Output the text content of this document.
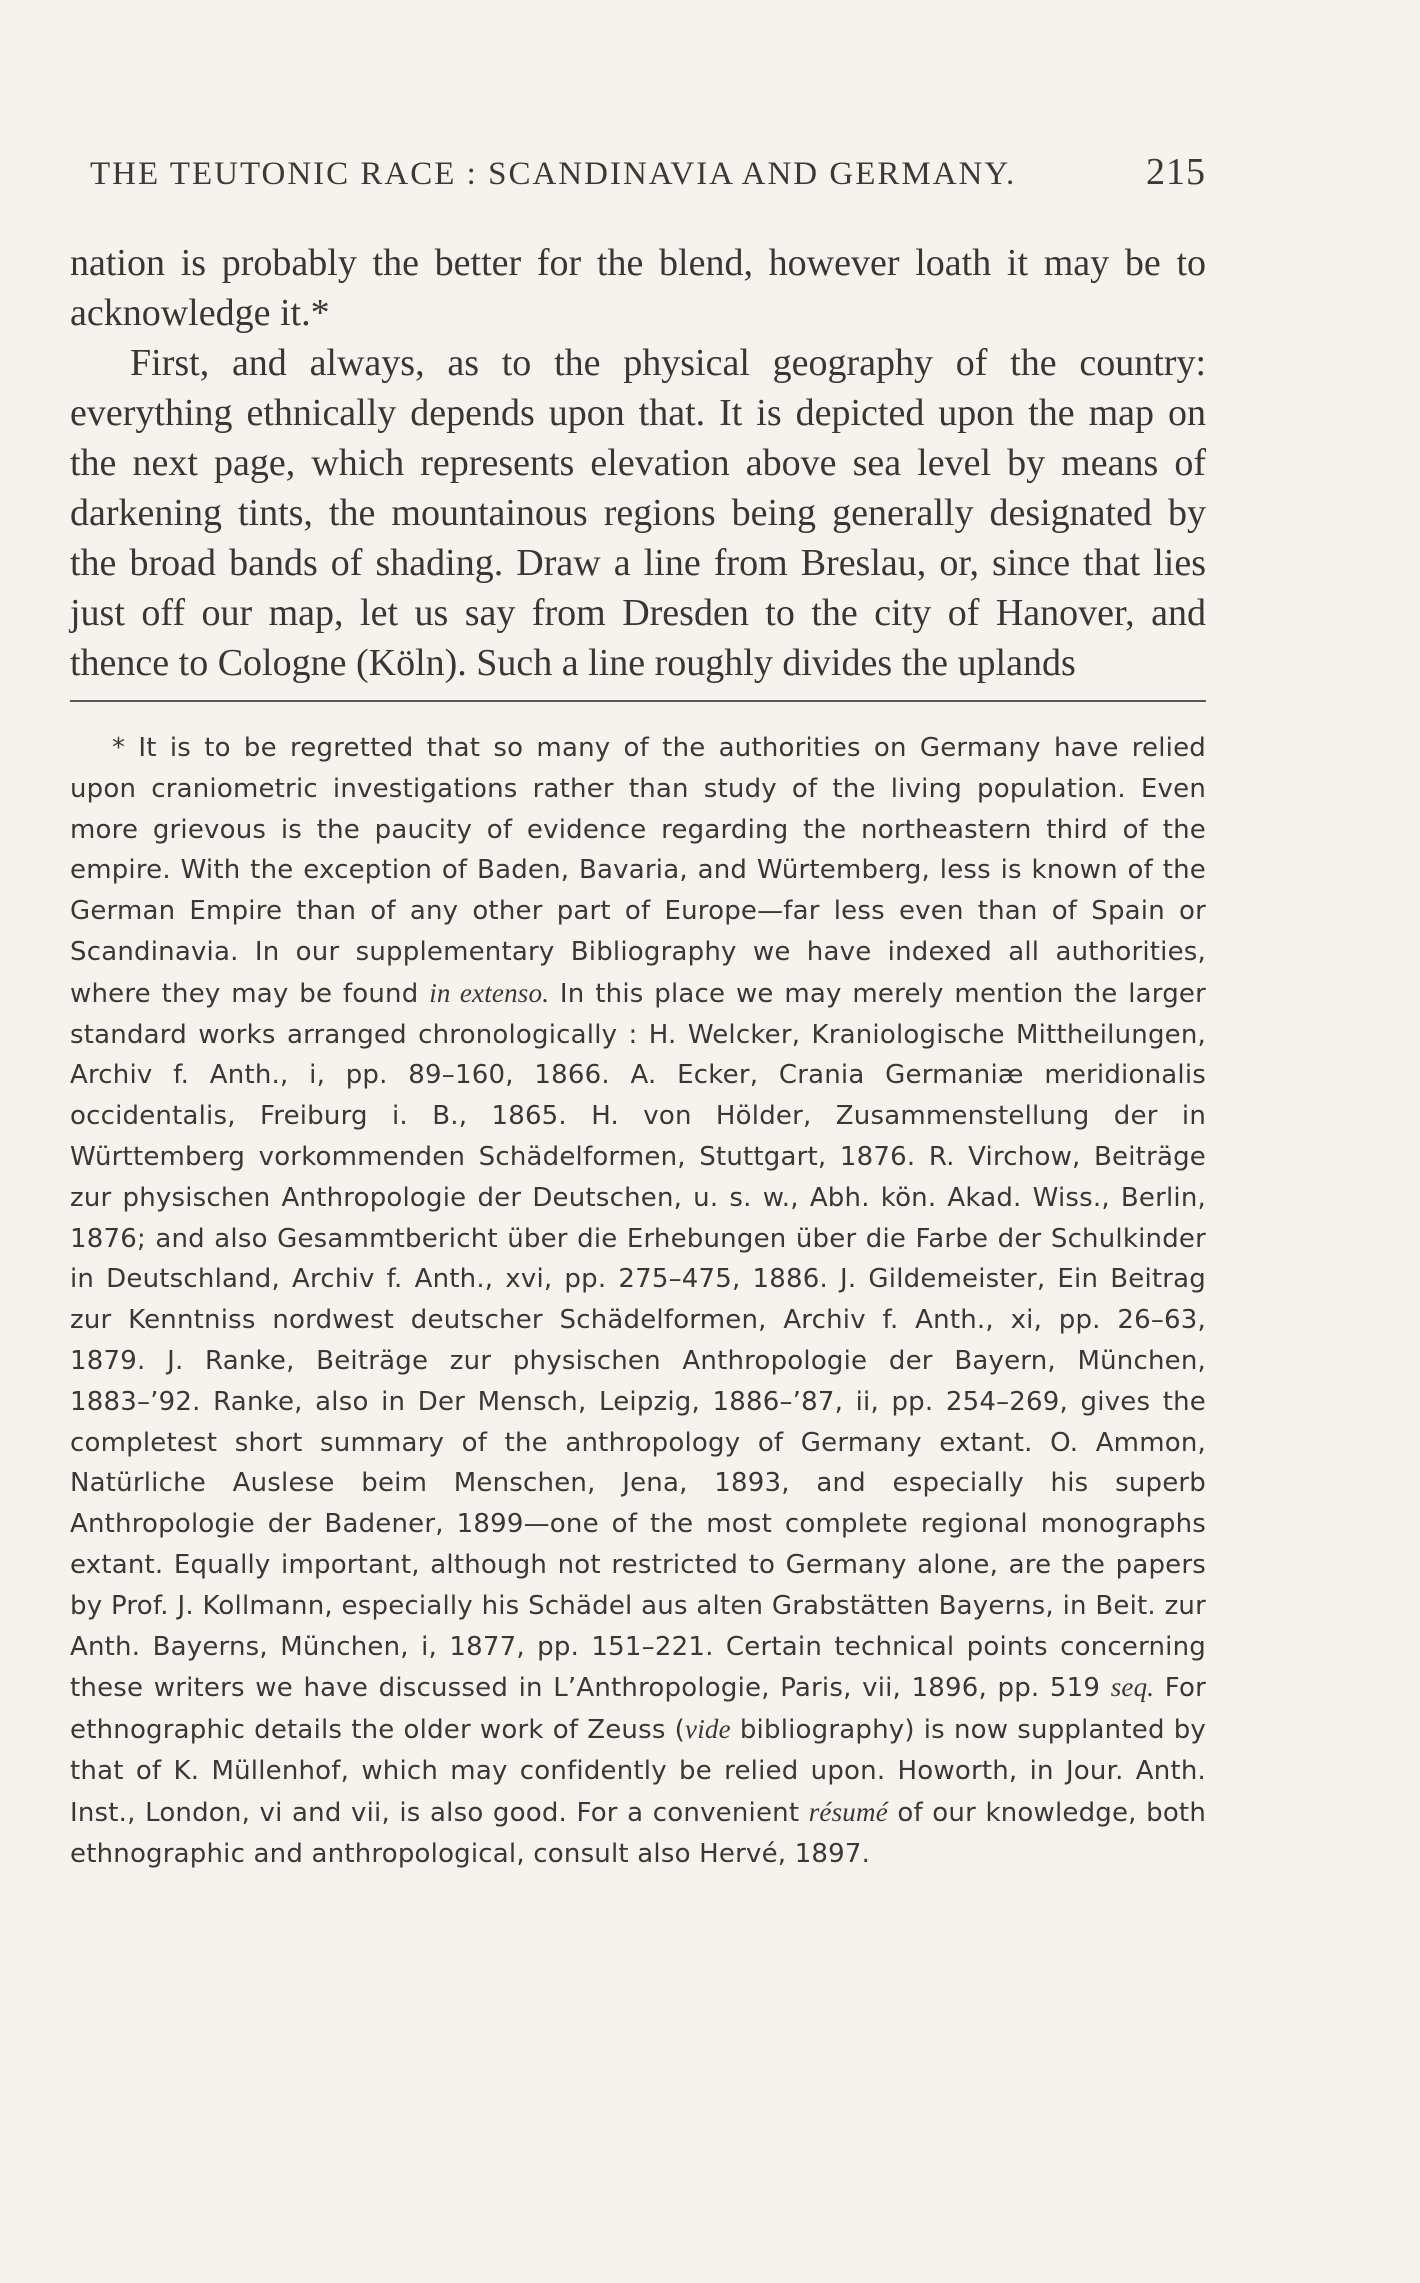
THE TEUTONIC RACE : SCANDINAVIA AND GERMANY.	215

nation is probably the better for the blend, however loath it may be to acknowledge it.*

First, and always, as to the physical geography of the country: everything ethnically depends upon that. It is depicted upon the map on the next page, which represents elevation above sea level by means of darkening tints, the mountainous regions being generally designated by the broad bands of shading. Draw a line from Breslau, or, since that lies just off our map, let us say from Dresden to the city of Hanover, and thence to Cologne (Köln). Such a line roughly divides the uplands

* It is to be regretted that so many of the authorities on Germany have relied upon craniometric investigations rather than study of the living population. Even more grievous is the paucity of evidence regarding the northeastern third of the empire. With the exception of Baden, Bavaria, and Würtemberg, less is known of the German Empire than of any other part of Europe—far less even than of Spain or Scandinavia. In our supplementary Bibliography we have indexed all authorities, where they may be found in extenso. In this place we may merely mention the larger standard works arranged chronologically : H. Welcker, Kraniologische Mittheilungen, Archiv f. Anth., i, pp. 89–160, 1866. A. Ecker, Crania Germaniæ meridionalis occidentalis, Freiburg i. B., 1865. H. von Hölder, Zusammenstellung der in Württemberg vorkommenden Schädelformen, Stuttgart, 1876. R. Virchow, Beiträge zur physischen Anthropologie der Deutschen, u. s. w., Abh. kön. Akad. Wiss., Berlin, 1876; and also Gesammtbericht über die Erhebungen über die Farbe der Schulkinder in Deutschland, Archiv f. Anth., xvi, pp. 275–475, 1886. J. Gildemeister, Ein Beitrag zur Kenntniss nordwest deutscher Schädelformen, Archiv f. Anth., xi, pp. 26–63, 1879. J. Ranke, Beiträge zur physischen Anthropologie der Bayern, München, 1883–’92. Ranke, also in Der Mensch, Leipzig, 1886–’87, ii, pp. 254–269, gives the completest short summary of the anthropology of Germany extant. O. Ammon, Natürliche Auslese beim Menschen, Jena, 1893, and especially his superb Anthropologie der Badener, 1899—one of the most complete regional monographs extant. Equally important, although not restricted to Germany alone, are the papers by Prof. J. Kollmann, especially his Schädel aus alten Grabstätten Bayerns, in Beit. zur Anth. Bayerns, München, i, 1877, pp. 151–221. Certain technical points concerning these writers we have discussed in L’Anthropologie, Paris, vii, 1896, pp. 519 seq. For ethnographic details the older work of Zeuss (vide bibliography) is now supplanted by that of K. Müllenhof, which may confidently be relied upon. Howorth, in Jour. Anth. Inst., London, vi and vii, is also good. For a convenient résumé of our knowledge, both ethnographic and anthropological, consult also Hervé, 1897.
